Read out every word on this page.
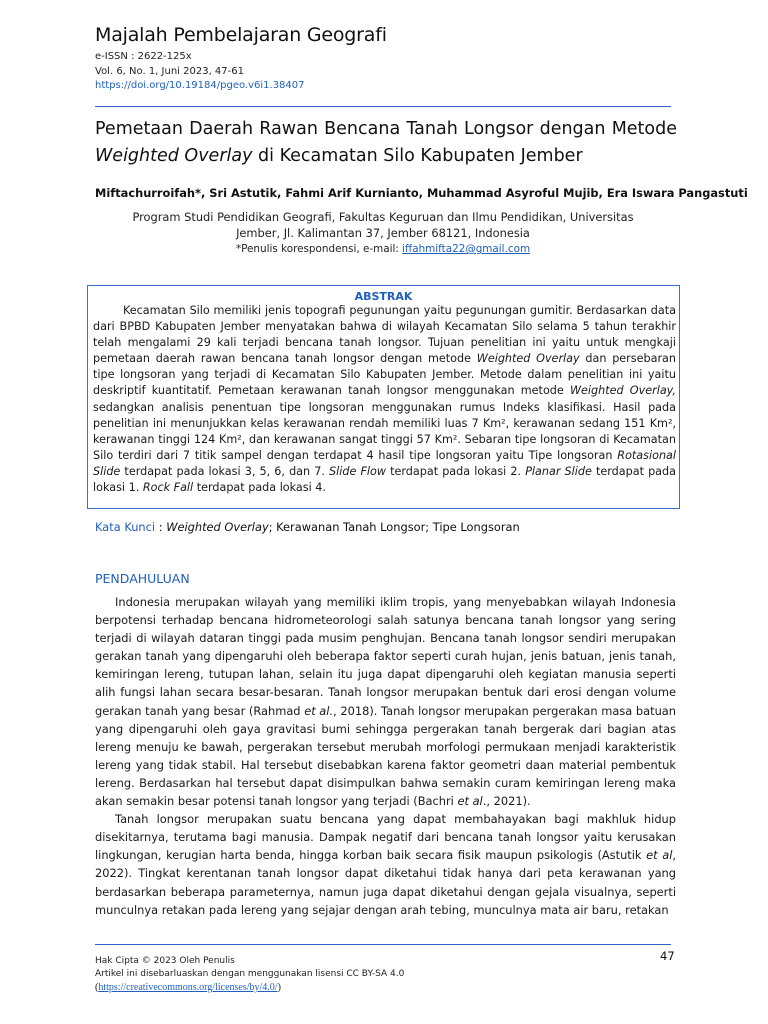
Majalah Pembelajaran Geografi
e-ISSN : 2622-125x
Vol. 6, No. 1, Juni 2023, 47-61
https://doi.org/10.19184/pgeo.v6i1.38407
Pemetaan Daerah Rawan Bencana Tanah Longsor dengan Metode
Weighted Overlay di Kecamatan Silo Kabupaten Jember
Miftachurroifah*, Sri Astutik, Fahmi Arif Kurnianto, Muhammad Asyroful Mujib, Era Iswara Pangastuti
Program Studi Pendidikan Geografi, Fakultas Keguruan dan Ilmu Pendidikan, Universitas
Jember, Jl. Kalimantan 37, Jember 68121, Indonesia
*Penulis korespondensi, e-mail: iffahmifta22@gmail.com
ABSTRAK
Kecamatan Silo memiliki jenis topografi pegunungan yaitu pegunungan gumitir. Berdasarkan data dari BPBD Kabupaten Jember menyatakan bahwa di wilayah Kecamatan Silo selama 5 tahun terakhir telah mengalami 29 kali terjadi bencana tanah longsor. Tujuan penelitian ini yaitu untuk mengkaji pemetaan daerah rawan bencana tanah longsor dengan metode Weighted Overlay dan persebaran tipe longsoran yang terjadi di Kecamatan Silo Kabupaten Jember. Metode dalam penelitian ini yaitu deskriptif kuantitatif. Pemetaan kerawanan tanah longsor menggunakan metode Weighted Overlay, sedangkan analisis penentuan tipe longsoran menggunakan rumus Indeks klasifikasi. Hasil pada penelitian ini menunjukkan kelas kerawanan rendah memiliki luas 7 Km², kerawanan sedang 151 Km², kerawanan tinggi 124 Km², dan kerawanan sangat tinggi 57 Km². Sebaran tipe longsoran di Kecamatan Silo terdiri dari 7 titik sampel dengan terdapat 4 hasil tipe longsoran yaitu Tipe longsoran Rotasional Slide terdapat pada lokasi 3, 5, 6, dan 7. Slide Flow terdapat pada lokasi 2. Planar Slide terdapat pada lokasi 1. Rock Fall terdapat pada lokasi 4.
Kata Kunci : Weighted Overlay; Kerawanan Tanah Longsor; Tipe Longsoran
PENDAHULUAN

Indonesia merupakan wilayah yang memiliki iklim tropis, yang menyebabkan wilayah Indonesia berpotensi terhadap bencana hidrometeorologi salah satunya bencana tanah longsor yang sering terjadi di wilayah dataran tinggi pada musim penghujan. Bencana tanah longsor sendiri merupakan gerakan tanah yang dipengaruhi oleh beberapa faktor seperti curah hujan, jenis batuan, jenis tanah, kemiringan lereng, tutupan lahan, selain itu juga dapat dipengaruhi oleh kegiatan manusia seperti alih fungsi lahan secara besar-besaran. Tanah longsor merupakan bentuk dari erosi dengan volume gerakan tanah yang besar (Rahmad et al., 2018). Tanah longsor merupakan pergerakan masa batuan yang dipengaruhi oleh gaya gravitasi bumi sehingga pergerakan tanah bergerak dari bagian atas lereng menuju ke bawah, pergerakan tersebut merubah morfologi permukaan menjadi karakteristik lereng yang tidak stabil. Hal tersebut disebabkan karena faktor geometri daan material pembentuk lereng. Berdasarkan hal tersebut dapat disimpulkan bahwa semakin curam kemiringan lereng maka akan semakin besar potensi tanah longsor yang terjadi (Bachri et al., 2021).

Tanah longsor merupakan suatu bencana yang dapat membahayakan bagi makhluk hidup disekitarnya, terutama bagi manusia. Dampak negatif dari bencana tanah longsor yaitu kerusakan lingkungan, kerugian harta benda, hingga korban baik secara fisik maupun psikologis (Astutik et al, 2022). Tingkat kerentanan tanah longsor dapat diketahui tidak hanya dari peta kerawanan yang berdasarkan beberapa parameternya, namun juga dapat diketahui dengan gejala visualnya, seperti munculnya retakan pada lereng yang sejajar dengan arah tebing, munculnya mata air baru, retakan

47
Hak Cipta © 2023 Oleh Penulis
Artikel ini disebarluaskan dengan menggunakan lisensi CC BY-SA 4.0
(https://creativecommons.org/licenses/by/4.0/)
